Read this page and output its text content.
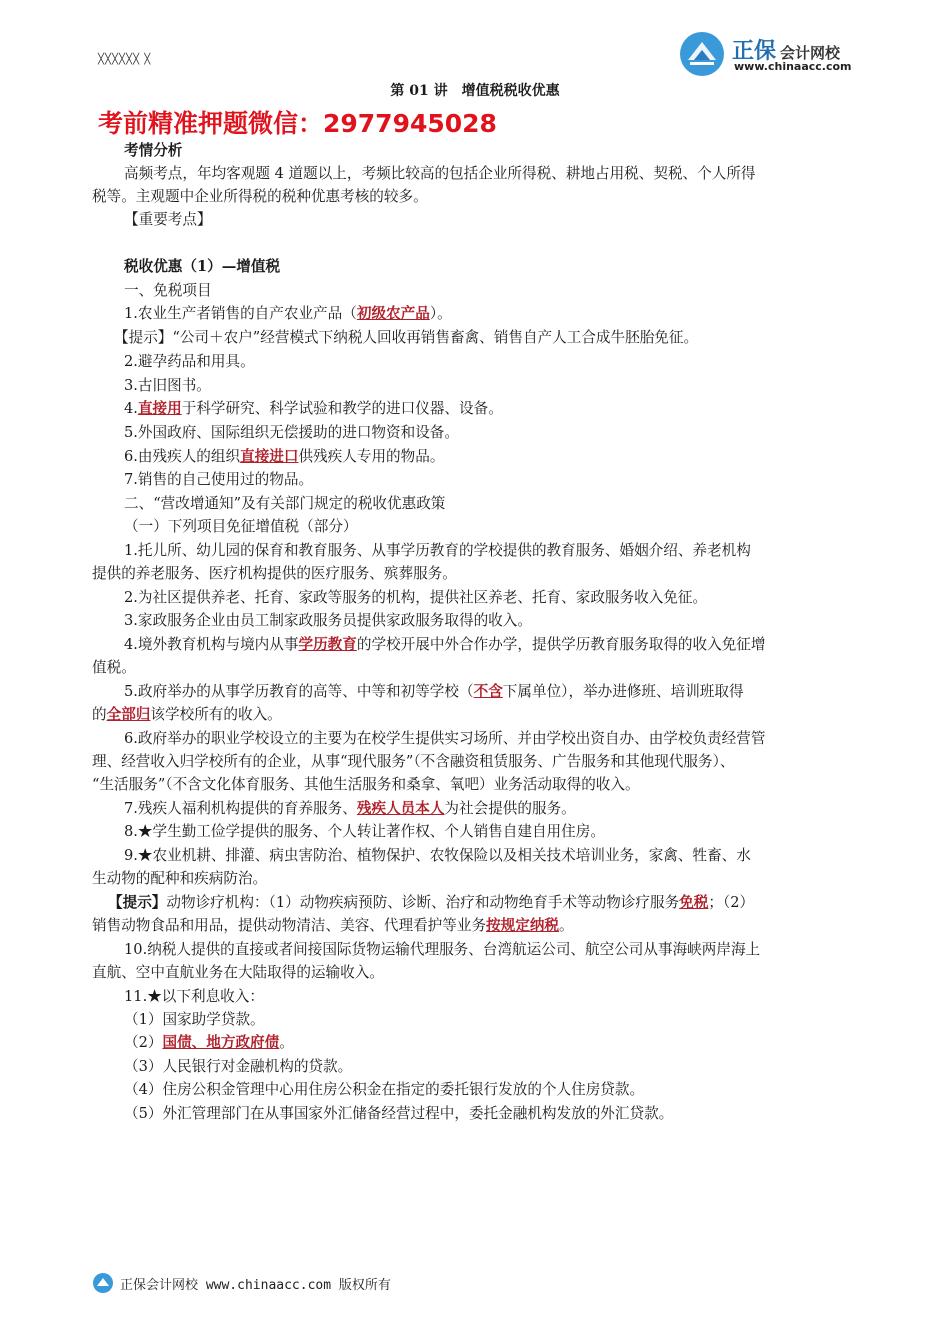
╳╳╳╳╳╳ ╳	正保 会计网校
www.chinaacc.com
第 01 讲　增值税税收优惠
考前精准押题微信：2977945028
考情分析
高频考点，年均客观题 4 道题以上，考频比较高的包括企业所得税、耕地占用税、契税、个人所得
税等。主观题中企业所得税的税种优惠考核的较多。
【重要考点】
税收优惠（1）—增值税
一、免税项目
1.农业生产者销售的自产农业产品（初级农产品）。
【提示】“公司＋农户”经营模式下纳税人回收再销售畜禽、销售自产人工合成牛胚胎免征。
2.避孕药品和用具。
3.古旧图书。
4.直接用于科学研究、科学试验和教学的进口仪器、设备。
5.外国政府、国际组织无偿援助的进口物资和设备。
6.由残疾人的组织直接进口供残疾人专用的物品。
7.销售的自己使用过的物品。
二、“营改增通知”及有关部门规定的税收优惠政策
（一）下列项目免征增值税（部分）
1.托儿所、幼儿园的保育和教育服务、从事学历教育的学校提供的教育服务、婚姻介绍、养老机构
提供的养老服务、医疗机构提供的医疗服务、殡葬服务。
2.为社区提供养老、托育、家政等服务的机构，提供社区养老、托育、家政服务收入免征。
3.家政服务企业由员工制家政服务员提供家政服务取得的收入。
4.境外教育机构与境内从事学历教育的学校开展中外合作办学，提供学历教育服务取得的收入免征增
值税。
5.政府举办的从事学历教育的高等、中等和初等学校（不含下属单位），举办进修班、培训班取得
的全部归该学校所有的收入。
6.政府举办的职业学校设立的主要为在校学生提供实习场所、并由学校出资自办、由学校负责经营管
理、经营收入归学校所有的企业，从事“现代服务”（不含融资租赁服务、广告服务和其他现代服务）、
“生活服务”（不含文化体育服务、其他生活服务和桑拿、氧吧）业务活动取得的收入。
7.残疾人福利机构提供的育养服务、残疾人员本人为社会提供的服务。
8.★学生勤工俭学提供的服务、个人转让著作权、个人销售自建自用住房。
9.★农业机耕、排灌、病虫害防治、植物保护、农牧保险以及相关技术培训业务，家禽、牲畜、水
生动物的配种和疾病防治。
【提示】动物诊疗机构：（1）动物疾病预防、诊断、治疗和动物绝育手术等动物诊疗服务免税；（2）
销售动物食品和用品，提供动物清洁、美容、代理看护等业务按规定纳税。
10.纳税人提供的直接或者间接国际货物运输代理服务、台湾航运公司、航空公司从事海峡两岸海上
直航、空中直航业务在大陆取得的运输收入。
11.★以下利息收入：
（1）国家助学贷款。
（2）国债、地方政府债。
（3）人民银行对金融机构的贷款。
（4）住房公积金管理中心用住房公积金在指定的委托银行发放的个人住房贷款。
（5）外汇管理部门在从事国家外汇储备经营过程中，委托金融机构发放的外汇贷款。
正保会计网校 www.chinaacc.com 版权所有
